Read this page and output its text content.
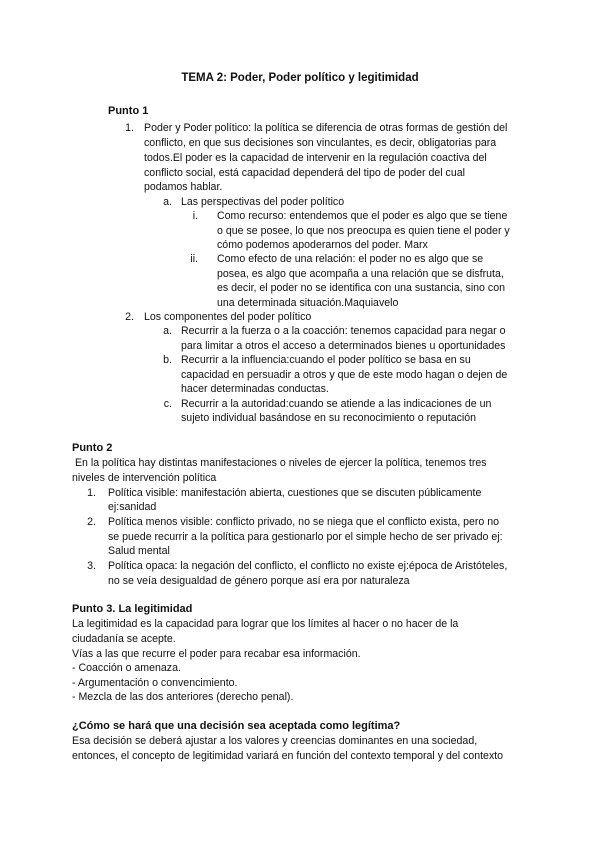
TEMA 2: Poder, Poder político y legitimidad
Punto 1
1. Poder y Poder político: la política se diferencia de otras formas de gestión del
conflicto, en que sus decisiones son vinculantes, es decir, obligatorias para
todos.El poder es la capacidad de intervenir en la regulación coactiva del
conflicto social, está capacidad dependerá del tipo de poder del cual
podamos hablar.
a. Las perspectivas del poder político
i. Como recurso: entendemos que el poder es algo que se tiene
o que se posee, lo que nos preocupa es quien tiene el poder y
cómo podemos apoderarnos del poder. Marx
ii. Como efecto de una relación: el poder no es algo que se
posea, es algo que acompaña a una relación que se disfruta,
es decir, el poder no se identifica con una sustancia, sino con
una determinada situación.Maquiavelo
2. Los componentes del poder político
a. Recurrir a la fuerza o a la coacción: tenemos capacidad para negar o
para limitar a otros el acceso a determinados bienes u oportunidades
b. Recurrir a la influencia:cuando el poder político se basa en su
capacidad en persuadir a otros y que de este modo hagan o dejen de
hacer determinadas conductas.
c. Recurrir a la autoridad:cuando se atiende a las indicaciones de un
sujeto individual basándose en su reconocimiento o reputación
Punto 2
En la política hay distintas manifestaciones o niveles de ejercer la política, tenemos tres
niveles de intervención política
1. Política visible: manifestación abierta, cuestiones que se discuten públicamente
ej:sanidad
2. Política menos visible: conflicto privado, no se niega que el conflicto exista, pero no
se puede recurrir a la política para gestionarlo por el simple hecho de ser privado ej:
Salud mental
3. Política opaca: la negación del conflicto, el conflicto no existe ej:época de Aristóteles,
no se veía desigualdad de género porque así era por naturaleza
Punto 3. La legitimidad
La legitimidad es la capacidad para lograr que los límites al hacer o no hacer de la
ciudadanía se acepte.
Vías a las que recurre el poder para recabar esa información.
- Coacción o amenaza.
- Argumentación o convencimiento.
- Mezcla de las dos anteriores (derecho penal).
¿Cómo se hará que una decisión sea aceptada como legítima?
Esa decisión se deberá ajustar a los valores y creencias dominantes en una sociedad,
entonces, el concepto de legitimidad variará en función del contexto temporal y del contexto
